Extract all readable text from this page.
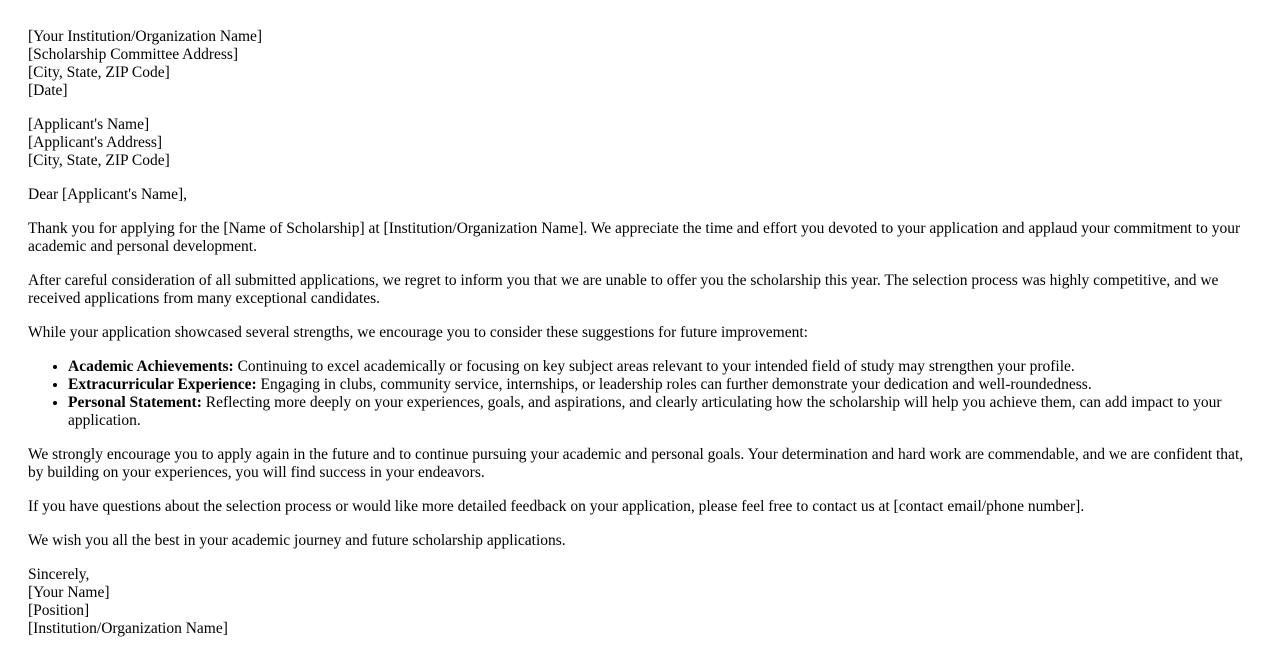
[Your Institution/Organization Name]
[Scholarship Committee Address]
[City, State, ZIP Code]
[Date]
[Applicant's Name]
[Applicant's Address]
[City, State, ZIP Code]

Dear [Applicant's Name],

Thank you for applying for the [Name of Scholarship] at [Institution/Organization Name]. We appreciate the time and effort you devoted to your application and applaud your commitment to your academic and personal development.

After careful consideration of all submitted applications, we regret to inform you that we are unable to offer you the scholarship this year. The selection process was highly competitive, and we received applications from many exceptional candidates.

While your application showcased several strengths, we encourage you to consider these suggestions for future improvement:

• Academic Achievements: Continuing to excel academically or focusing on key subject areas relevant to your intended field of study may strengthen your profile.
• Extracurricular Experience: Engaging in clubs, community service, internships, or leadership roles can further demonstrate your dedication and well-roundedness.
• Personal Statement: Reflecting more deeply on your experiences, goals, and aspirations, and clearly articulating how the scholarship will help you achieve them, can add impact to your application.

We strongly encourage you to apply again in the future and to continue pursuing your academic and personal goals. Your determination and hard work are commendable, and we are confident that, by building on your experiences, you will find success in your endeavors.

If you have questions about the selection process or would like more detailed feedback on your application, please feel free to contact us at [contact email/phone number].

We wish you all the best in your academic journey and future scholarship applications.

Sincerely,
[Your Name]
[Position]
[Institution/Organization Name]
